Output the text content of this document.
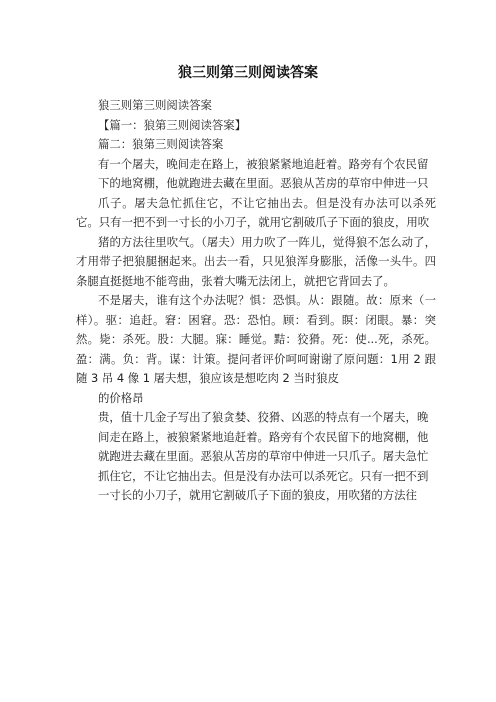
狼三则第三则阅读答案

狼三则第三则阅读答案

【篇一：狼第三则阅读答案】

篇二：狼第三则阅读答案

有一个屠夫，晚间走在路上，被狼紧紧地追赶着。路旁有个农民留

下的地窝棚，他就跑进去藏在里面。恶狼从苫房的草帘中伸进一只

爪子。屠夫急忙抓住它，不让它抽出去。但是没有办法可以杀死它。只有一把不到一寸长的小刀子，就用它割破爪子下面的狼皮，用吹

猪的方法往里吹气。（屠夫）用力吹了一阵儿，觉得狼不怎么动了，才用带子把狼腿捆起来。出去一看，只见狼浑身膨胀，活像一头牛。四条腿直挺挺地不能弯曲，张着大嘴无法闭上，就把它背回去了。

不是屠夫，谁有这个办法呢？惧：恐惧。从：跟随。故：原来（一样）。驱：追赶。窘：困窘。恐：恐怕。顾：看到。瞑：闭眼。暴：突然。毙：杀死。股：大腿。寐：睡觉。黠：狡猾。死：使...死，杀死。盈：满。负：背。谋：计策。提问者评价呵呵谢谢了原问题：1用 2 跟随 3 吊 4 像 1 屠夫想，狼应该是想吃肉 2 当时狼皮

的价格昂

贵，值十几金子写出了狼贪婪、狡猾、凶恶的特点有一个屠夫，晚

间走在路上，被狼紧紧地追赶着。路旁有个农民留下的地窝棚，他

就跑进去藏在里面。恶狼从苫房的草帘中伸进一只爪子。屠夫急忙

抓住它，不让它抽出去。但是没有办法可以杀死它。只有一把不到

一寸长的小刀子，就用它割破爪子下面的狼皮，用吹猪的方法往
